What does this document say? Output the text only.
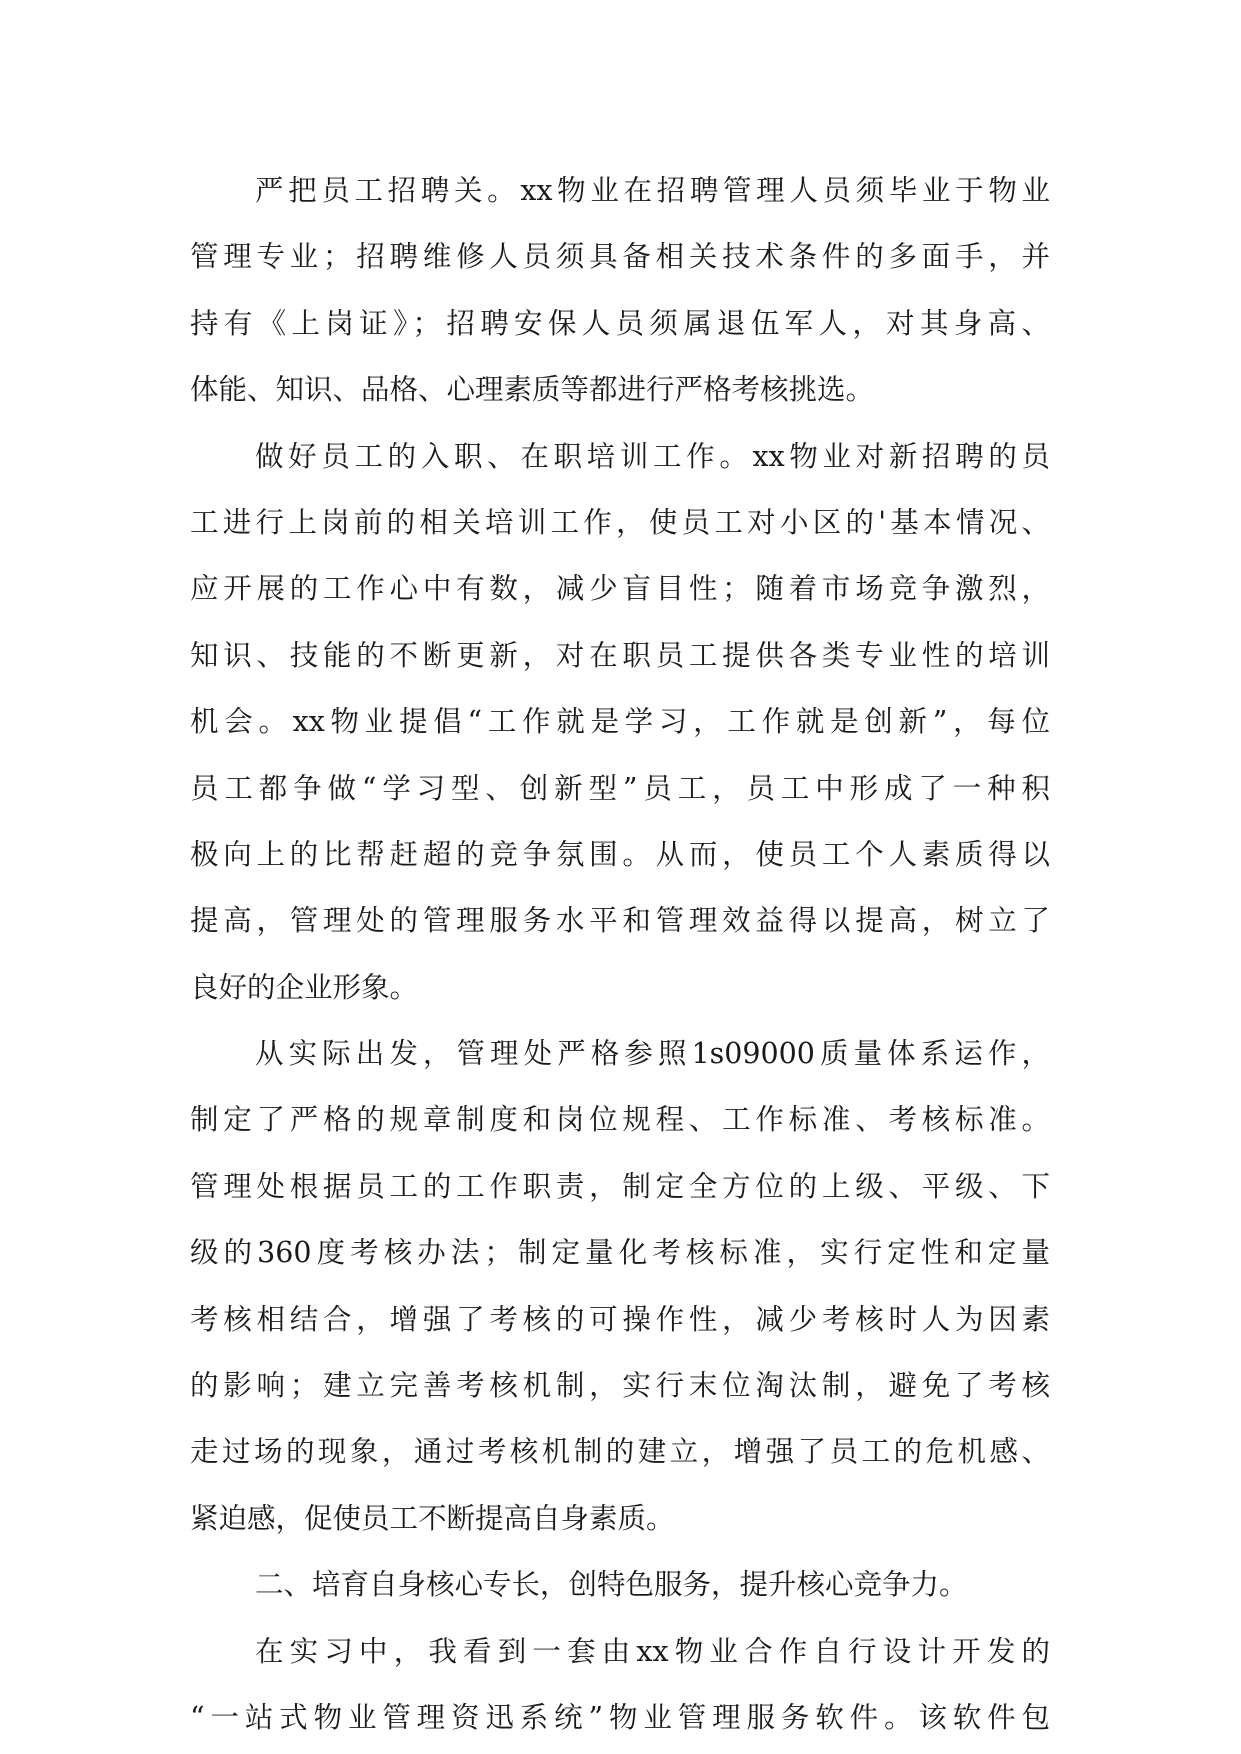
严把员工招聘关。xx物业在招聘管理人员须毕业于物业
管理专业；招聘维修人员须具备相关技术条件的多面手，并
持有《上岗证》；招聘安保人员须属退伍军人，对其身高、
体能、知识、品格、心理素质等都进行严格考核挑选。
做好员工的入职、在职培训工作。xx物业对新招聘的员
工进行上岗前的相关培训工作，使员工对小区的'基本情况、
应开展的工作心中有数，减少盲目性；随着市场竞争激烈，
知识、技能的不断更新，对在职员工提供各类专业性的培训
机会。xx物业提倡“工作就是学习，工作就是创新”，每位
员工都争做“学习型、创新型”员工，员工中形成了一种积
极向上的比帮赶超的竞争氛围。从而，使员工个人素质得以
提高，管理处的管理服务水平和管理效益得以提高，树立了
良好的企业形象。
从实际出发，管理处严格参照1s09000质量体系运作，
制定了严格的规章制度和岗位规程、工作标准、考核标准。
管理处根据员工的工作职责，制定全方位的上级、平级、下
级的360度考核办法；制定量化考核标准，实行定性和定量
考核相结合，增强了考核的可操作性，减少考核时人为因素
的影响；建立完善考核机制，实行末位淘汰制，避免了考核
走过场的现象，通过考核机制的建立，增强了员工的危机感、
紧迫感，促使员工不断提高自身素质。
二、培育自身核心专长，创特色服务，提升核心竞争力。
在实习中，我看到一套由xx物业合作自行设计开发的
“一站式物业管理资迅系统”物业管理服务软件。该软件包
